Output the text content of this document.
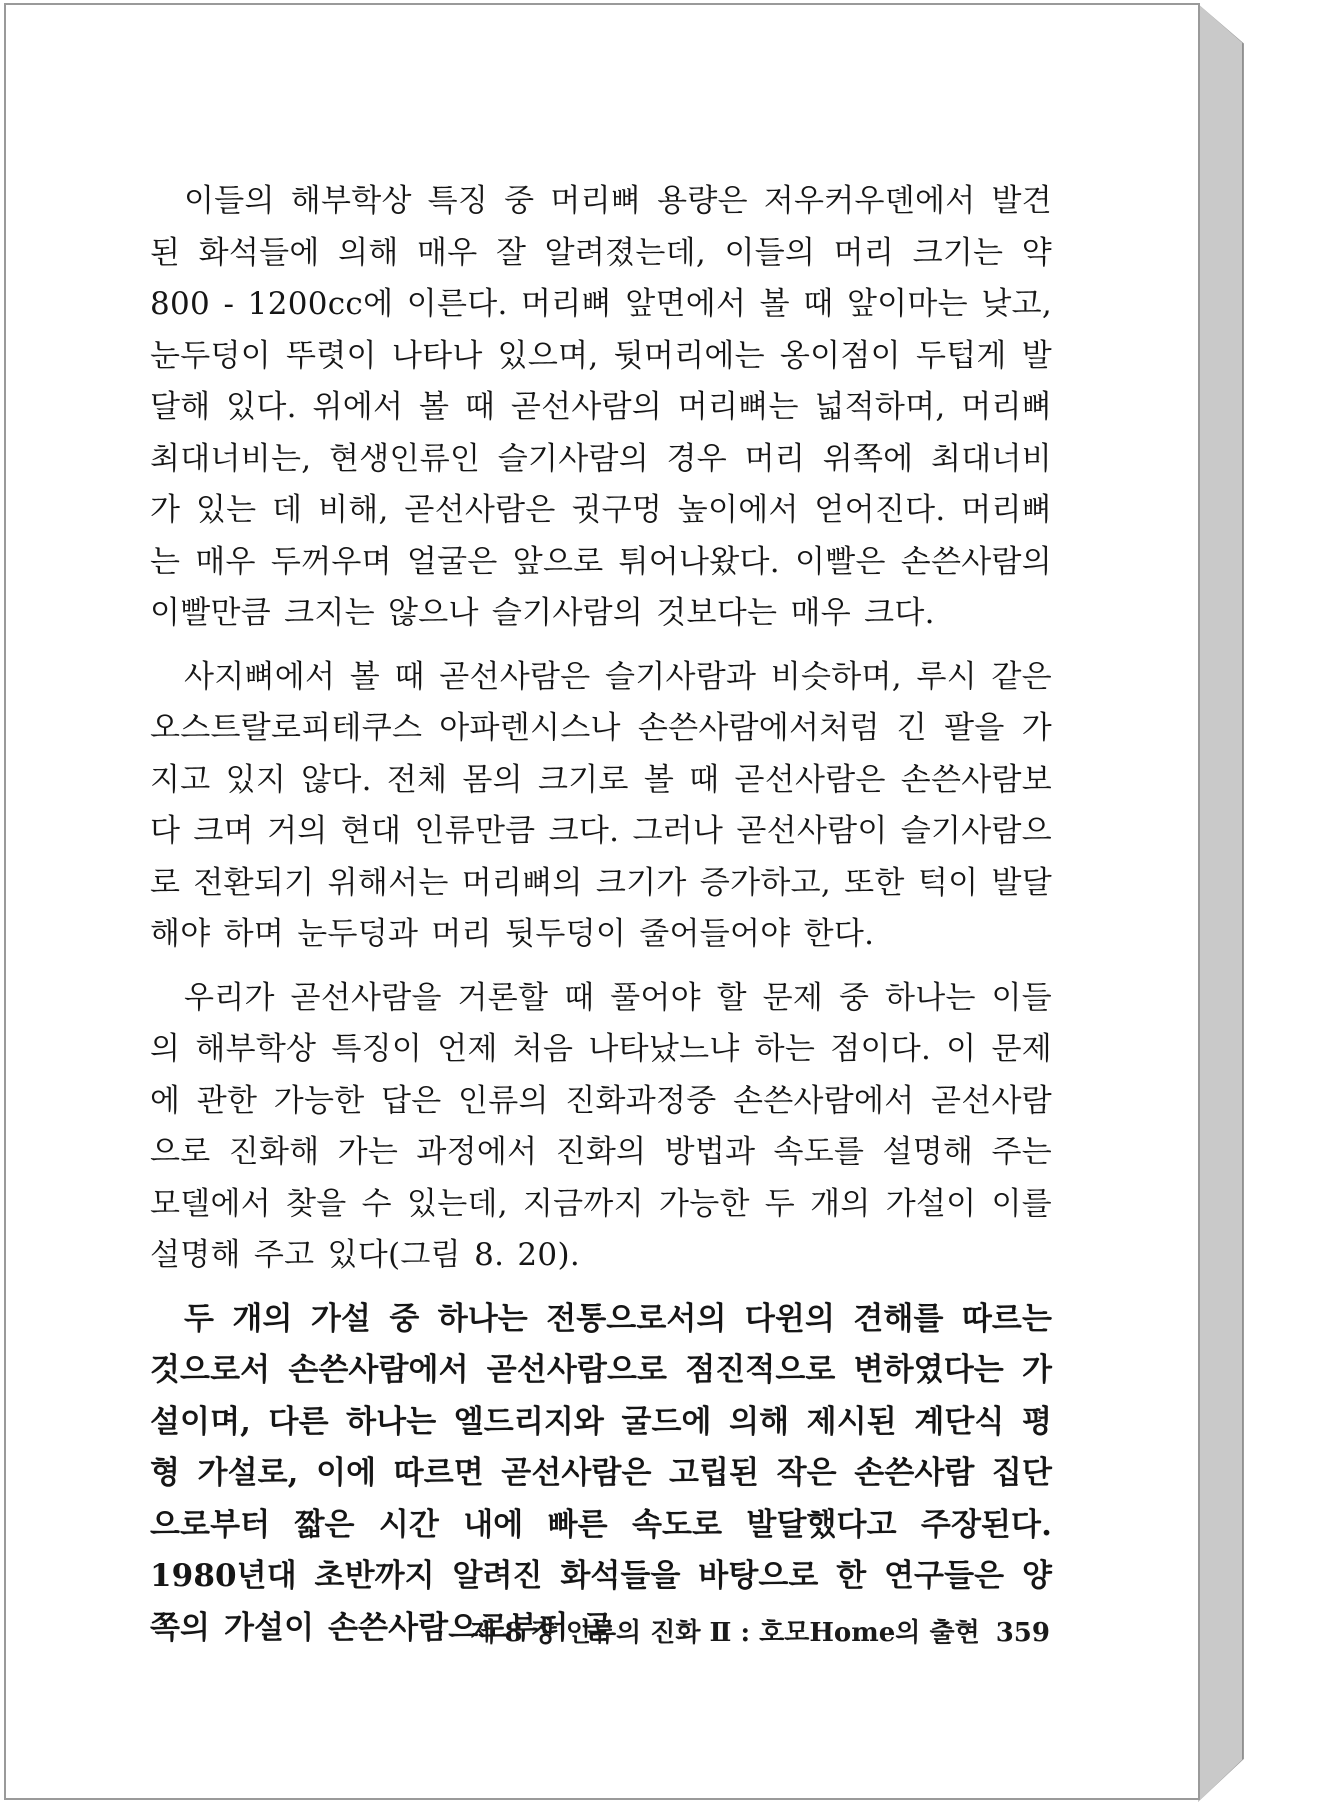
이들의 해부학상 특징 중 머리뼈 용량은 저우커우뎬에서 발견된 화석들에 의해 매우 잘 알려졌는데, 이들의 머리 크기는 약 800 - 1200cc에 이른다. 머리뼈 앞면에서 볼 때 앞이마는 낮고, 눈두덩이 뚜렷이 나타나 있으며, 뒷머리에는 옹이점이 두텁게 발달해 있다. 위에서 볼 때 곧선사람의 머리뼈는 넓적하며, 머리뼈 최대너비는, 현생인류인 슬기사람의 경우 머리 위쪽에 최대너비가 있는 데 비해, 곧선사람은 귓구멍 높이에서 얻어진다. 머리뼈는 매우 두꺼우며 얼굴은 앞으로 튀어나왔다. 이빨은 손쓴사람의 이빨만큼 크지는 않으나 슬기사람의 것보다는 매우 크다.

사지뼈에서 볼 때 곧선사람은 슬기사람과 비슷하며, 루시 같은 오스트랄로피테쿠스 아파렌시스나 손쓴사람에서처럼 긴 팔을 가지고 있지 않다. 전체 몸의 크기로 볼 때 곧선사람은 손쓴사람보다 크며 거의 현대 인류만큼 크다. 그러나 곧선사람이 슬기사람으로 전환되기 위해서는 머리뼈의 크기가 증가하고, 또한 턱이 발달해야 하며 눈두덩과 머리 뒷두덩이 줄어들어야 한다.

우리가 곧선사람을 거론할 때 풀어야 할 문제 중 하나는 이들의 해부학상 특징이 언제 처음 나타났느냐 하는 점이다. 이 문제에 관한 가능한 답은 인류의 진화과정중 손쓴사람에서 곧선사람으로 진화해 가는 과정에서 진화의 방법과 속도를 설명해 주는 모델에서 찾을 수 있는데, 지금까지 가능한 두 개의 가설이 이를 설명해 주고 있다(그림 8. 20).

두 개의 가설 중 하나는 전통으로서의 다윈의 견해를 따르는 것으로서 손쓴사람에서 곧선사람으로 점진적으로 변하였다는 가설이며, 다른 하나는 엘드리지와 굴드에 의해 제시된 계단식 평형 가설로, 이에 따르면 곧선사람은 고립된 작은 손쓴사람 집단으로부터 짧은 시간 내에 빠른 속도로 발달했다고 주장된다. 1980년대 초반까지 알려진 화석들을 바탕으로 한 연구들은 양쪽의 가설이 손쓴사람으로부터 곧

제 8 장 인류의 진화 Ⅱ : 호모Home의 출현 359
